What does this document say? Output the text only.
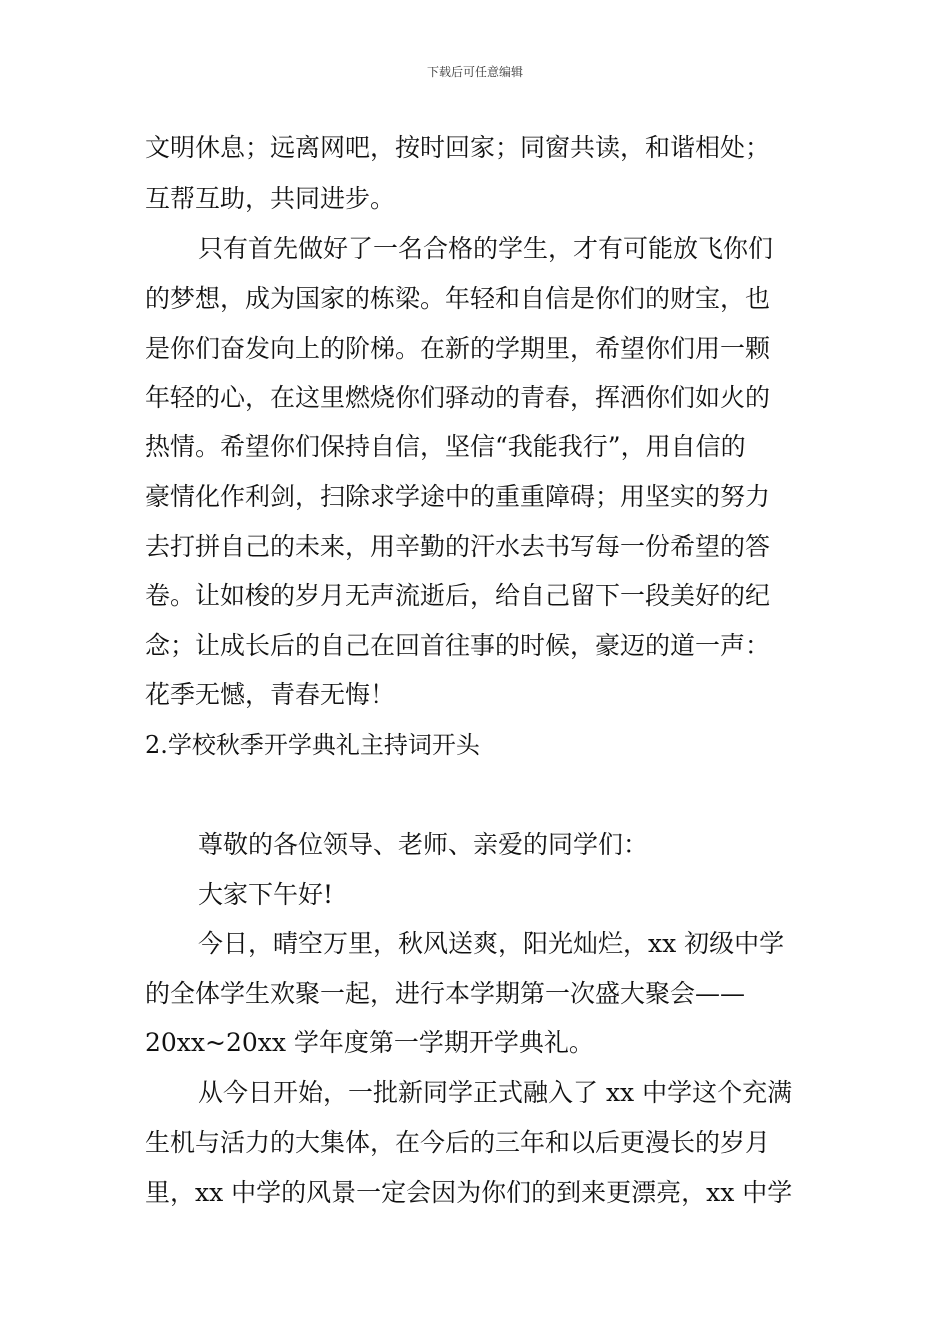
下载后可任意编辑
文明休息；远离网吧，按时回家；同窗共读，和谐相处；
互帮互助，共同进步。
只有首先做好了一名合格的学生，才有可能放飞你们
的梦想，成为国家的栋梁。年轻和自信是你们的财宝，也
是你们奋发向上的阶梯。在新的学期里，希望你们用一颗
年轻的心，在这里燃烧你们驿动的青春，挥洒你们如火的
热情。希望你们保持自信，坚信“我能我行”，用自信的
豪情化作利剑，扫除求学途中的重重障碍；用坚实的努力
去打拼自己的未来，用辛勤的汗水去书写每一份希望的答
卷。让如梭的岁月无声流逝后，给自己留下一段美好的纪
念；让成长后的自己在回首往事的时候，豪迈的道一声：
花季无憾，青春无悔！
2.学校秋季开学典礼主持词开头
尊敬的各位领导、老师、亲爱的同学们：
大家下午好!
今日，晴空万里，秋风送爽，阳光灿烂，xx 初级中学
的全体学生欢聚一起，进行本学期第一次盛大聚会——
20xx~20xx 学年度第一学期开学典礼。
从今日开始，一批新同学正式融入了 xx 中学这个充满
生机与活力的大集体，在今后的三年和以后更漫长的岁月
里，xx 中学的风景一定会因为你们的到来更漂亮，xx 中学
